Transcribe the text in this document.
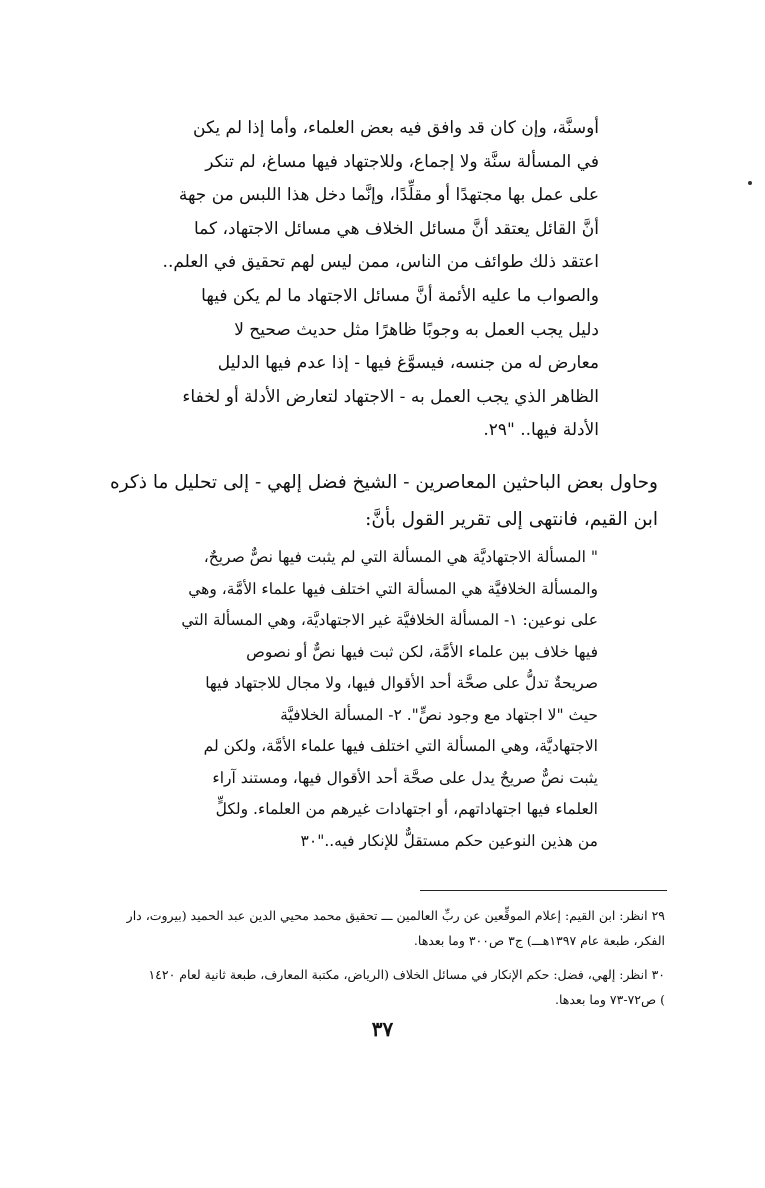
أوسنَّة، وإن كان قد وافق فيه بعض العلماء، وأما إذا لم يكن
في المسألة سنَّة ولا إجماع، وللاجتهاد فيها مساغ، لم تنكر
على عمل بها مجتهدًا أو مقلِّدًا، وإنَّما دخل هذا اللبس من جهة
أنَّ القائل يعتقد أنَّ مسائل الخلاف هي مسائل الاجتهاد، كما
اعتقد ذلك طوائف من الناس، ممن ليس لهم تحقيق في العلم..
والصواب ما عليه الأئمة أنَّ مسائل الاجتهاد ما لم يكن فيها
دليل يجب العمل به وجوبًا ظاهرًا مثل حديث صحيح لا
معارض له من جنسه، فيسوَّغ فيها - إذا عدم فيها الدليل
الظاهر الذي يجب العمل به - الاجتهاد لتعارض الأدلة أو لخفاء
الأدلة فيها.. "٢٩.
وحاول بعض الباحثين المعاصرين - الشيخ فضل إلهي - إلى تحليل ما ذكره
ابن القيم، فانتهى إلى تقرير القول بأنَّ:
" المسألة الاجتهاديَّة هي المسألة التي لم يثبت فيها نصٌّ صريحٌ،
والمسألة الخلافيَّة هي المسألة التي اختلف فيها علماء الأمَّة، وهي
على نوعين: ١- المسألة الخلافيَّة غير الاجتهاديَّة، وهي المسألة التي
فيها خلاف بين علماء الأمَّة، لكن ثبت فيها نصٌّ أو نصوص
صريحةٌ تدلُّ على صحَّة أحد الأقوال فيها، ولا مجال للاجتهاد فيها
حيث "لا اجتهاد مع وجود نصٍّ". ٢- المسألة الخلافيَّة
الاجتهاديَّة، وهي المسألة التي اختلف فيها علماء الأمَّة، ولكن لم
يثبت نصٌّ صريحٌ يدل على صحَّة أحد الأقوال فيها، ومستند آراء
العلماء فيها اجتهاداتهم، أو اجتهادات غيرهم من العلماء. ولكلٍّ
من هذين النوعين حكم مستقلٌّ للإنكار فيه.."٣٠
٢٩ انظر: ابن القيم: إعلام الموقِّعين عن ربِّ العالمين ـــ تحقيق محمد محيي الدين عبد الحميد (بيروت، دار
الفكر، طبعة عام ١٣٩٧هـــ) ج٣ ص٣٠٠ وما بعدها.
٣٠ انظر: إلهي، فضل: حكم الإنكار في مسائل الخلاف (الرياض، مكتبة المعارف، طبعة ثانية لعام ١٤٢٠
) ص٧٢-٧٣ وما بعدها.
٣٧
